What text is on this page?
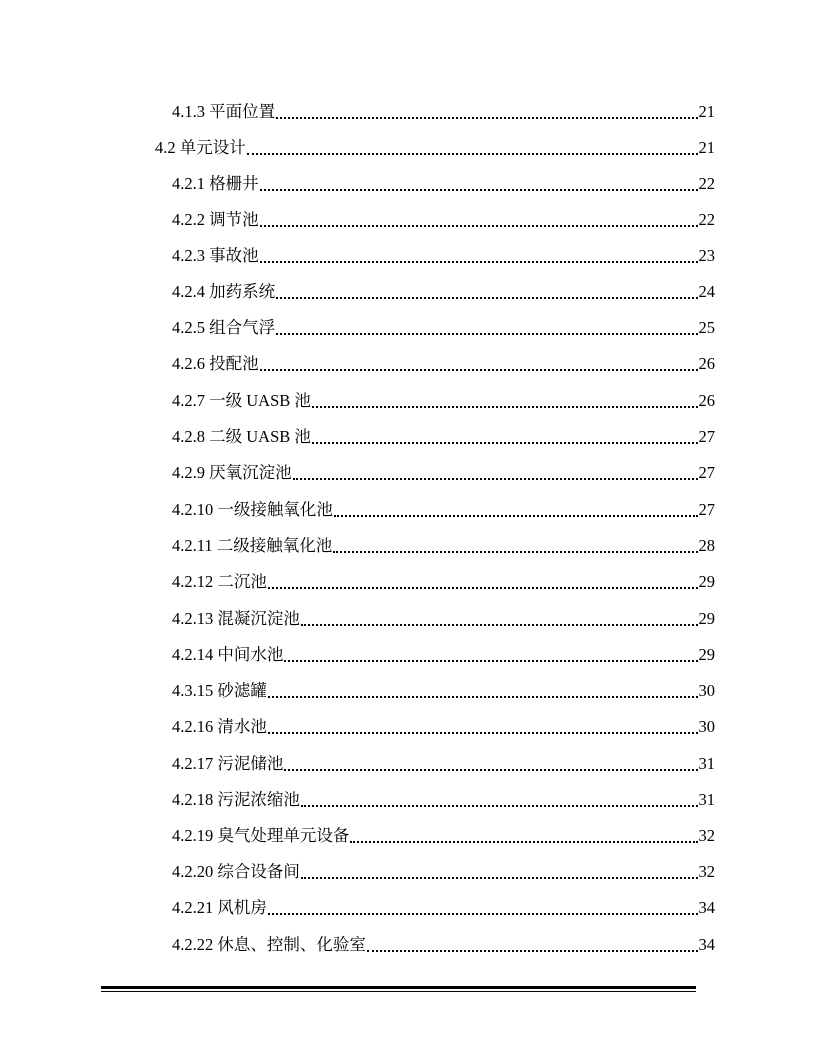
4.1.3 平面位置	21
4.2 单元设计	21
4.2.1 格栅井	22
4.2.2 调节池	22
4.2.3 事故池	23
4.2.4 加药系统	24
4.2.5 组合气浮	25
4.2.6 投配池	26
4.2.7 一级 UASB 池	26
4.2.8 二级 UASB 池	27
4.2.9 厌氧沉淀池	27
4.2.10 一级接触氧化池	27
4.2.11 二级接触氧化池	28
4.2.12 二沉池	29
4.2.13 混凝沉淀池	29
4.2.14 中间水池	29
4.3.15 砂滤罐	30
4.2.16 清水池	30
4.2.17 污泥储池	31
4.2.18 污泥浓缩池	31
4.2.19 臭气处理单元设备	32
4.2.20 综合设备间	32
4.2.21 风机房	34
4.2.22 休息、控制、化验室	34
